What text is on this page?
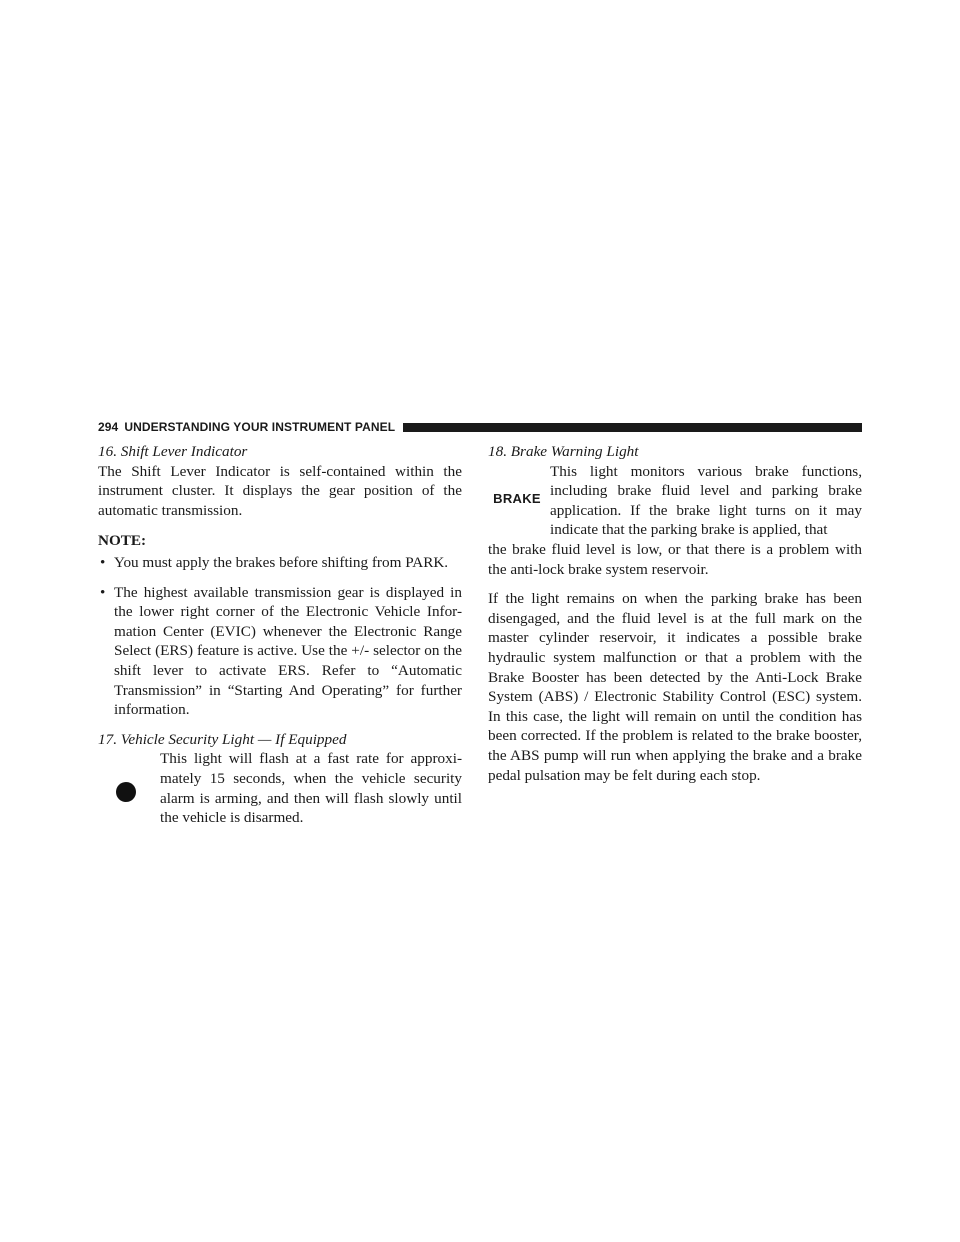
294 UNDERSTANDING YOUR INSTRUMENT PANEL

16. Shift Lever Indicator

The Shift Lever Indicator is self-contained within the instrument cluster. It displays the gear position of the automatic transmission.

NOTE:

• You must apply the brakes before shifting from PARK.
• The highest available transmission gear is displayed in the lower right corner of the Electronic Vehicle Infor-mation Center (EVIC) whenever the Electronic Range Select (ERS) feature is active. Use the +/- selector on the shift lever to activate ERS. Refer to “Automatic Transmission” in “Starting And Operating” for further information.

17. Vehicle Security Light — If Equipped

This light will flash at a fast rate for approxi-mately 15 seconds, when the vehicle security alarm is arming, and then will flash slowly until the vehicle is disarmed.

18. Brake Warning Light

BRAKE

This light monitors various brake functions, including brake fluid level and parking brake application. If the brake light turns on it may indicate that the parking brake is applied, that

the brake fluid level is low, or that there is a problem with the anti-lock brake system reservoir.

If the light remains on when the parking brake has been disengaged, and the fluid level is at the full mark on the master cylinder reservoir, it indicates a possible brake hydraulic system malfunction or that a problem with the Brake Booster has been detected by the Anti-Lock Brake System (ABS) / Electronic Stability Control (ESC) system. In this case, the light will remain on until the condition has been corrected. If the problem is related to the brake booster, the ABS pump will run when applying the brake and a brake pedal pulsation may be felt during each stop.
